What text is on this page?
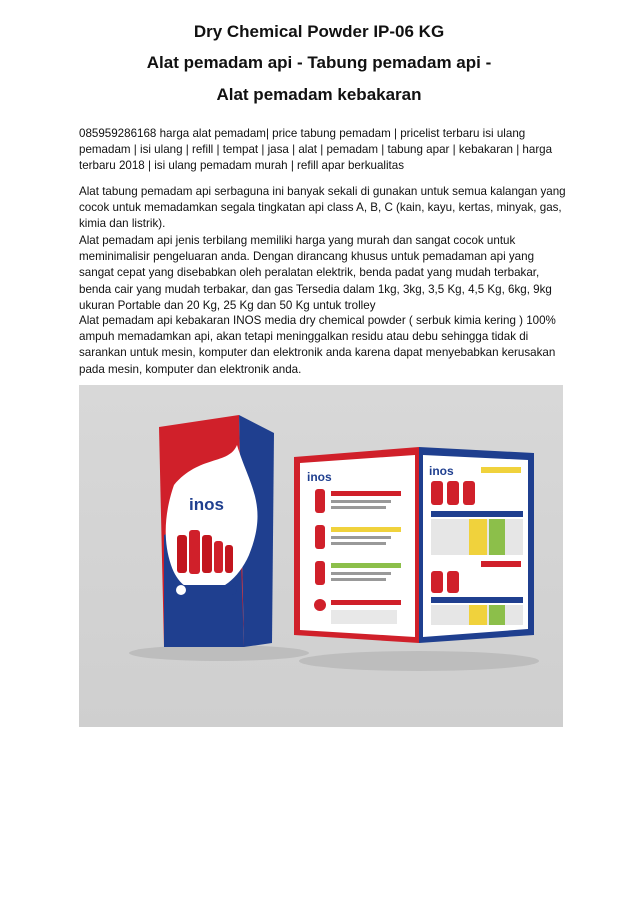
Dry Chemical Powder IP-06 KG
Alat pemadam api - Tabung pemadam api -
Alat pemadam kebakaran

085959286168 harga alat pemadam| price tabung pemadam | pricelist terbaru isi ulang pemadam | isi ulang | refill | tempat | jasa | alat | pemadam | tabung apar | kebakaran | harga terbaru 2018 | isi ulang pemadam murah | refill apar berkualitas

Alat tabung pemadam api serbaguna ini banyak sekali di gunakan untuk semua kalangan yang cocok untuk memadamkan segala tingkatan api class A, B, C (kain, kayu, kertas, minyak, gas, kimia dan listrik).

Alat pemadam api jenis terbilang memiliki harga yang murah dan sangat cocok untuk meminimalisir pengeluaran anda. Dengan dirancang khusus untuk pemadaman api yang sangat cepat yang disebabkan oleh peralatan elektrik, benda padat yang mudah terbakar, benda cair yang mudah terbakar, dan gas Tersedia dalam 1kg, 3kg, 3,5 Kg, 4,5 Kg, 6kg, 9kg ukuran Portable dan 20 Kg, 25 Kg dan 50 Kg untuk trolley

Alat pemadam api kebakaran INOS media dry chemical powder ( serbuk kimia kering ) 100% ampuh memadamkan api, akan tetapi meninggalkan residu atau debu sehingga tidak di sarankan untuk mesin, komputer dan elektronik anda karena dapat menyebabkan kerusakan pada mesin, komputer dan elektronik anda.

inos
inos	inos
